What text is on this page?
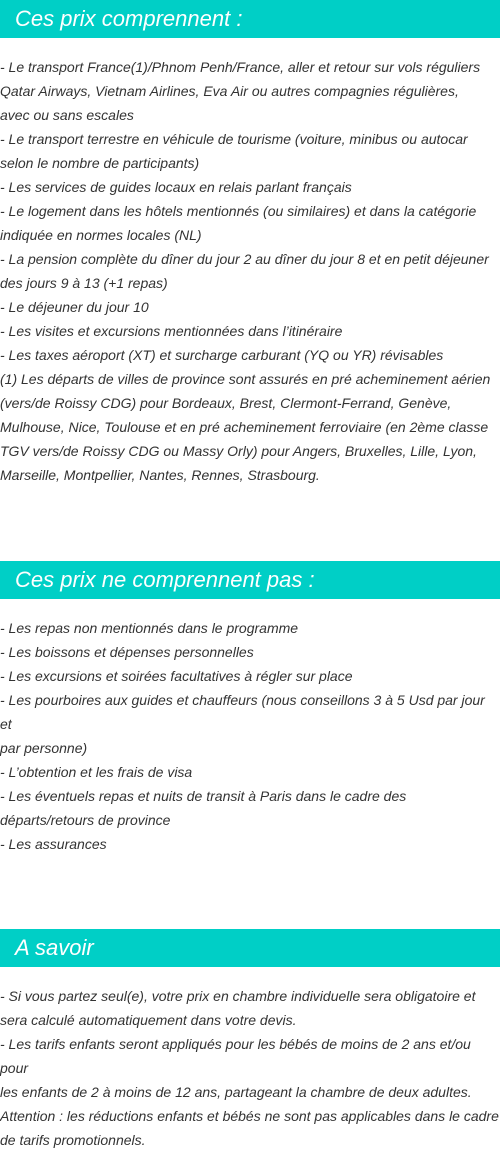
Ces prix comprennent :
- Le transport France(1)/Phnom Penh/France, aller et retour sur vols réguliers
Qatar Airways, Vietnam Airlines, Eva Air ou autres compagnies régulières,
avec ou sans escales
- Le transport terrestre en véhicule de tourisme (voiture, minibus ou autocar
selon le nombre de participants)
- Les services de guides locaux en relais parlant français
- Le logement dans les hôtels mentionnés (ou similaires) et dans la catégorie
indiquée en normes locales (NL)
- La pension complète du dîner du jour 2 au dîner du jour 8 et en petit déjeuner
des jours 9 à 13 (+1 repas)
- Le déjeuner du jour 10
- Les visites et excursions mentionnées dans l’itinéraire
- Les taxes aéroport (XT) et surcharge carburant (YQ ou YR) révisables
(1) Les départs de villes de province sont assurés en pré acheminement aérien
(vers/de Roissy CDG) pour Bordeaux, Brest, Clermont-Ferrand, Genève,
Mulhouse, Nice, Toulouse et en pré acheminement ferroviaire (en 2ème classe
TGV vers/de Roissy CDG ou Massy Orly) pour Angers, Bruxelles, Lille, Lyon,
Marseille, Montpellier, Nantes, Rennes, Strasbourg.
Ces prix ne comprennent pas :
- Les repas non mentionnés dans le programme
- Les boissons et dépenses personnelles
- Les excursions et soirées facultatives à régler sur place
- Les pourboires aux guides et chauffeurs (nous conseillons 3 à 5 Usd par jour et
par personne)
- L’obtention et les frais de visa
- Les éventuels repas et nuits de transit à Paris dans le cadre des
départs/retours de province
- Les assurances
A savoir
- Si vous partez seul(e), votre prix en chambre individuelle sera obligatoire et
sera calculé automatiquement dans votre devis.
- Les tarifs enfants seront appliqués pour les bébés de moins de 2 ans et/ou pour
les enfants de 2 à moins de 12 ans, partageant la chambre de deux adultes.
Attention : les réductions enfants et bébés ne sont pas applicables dans le cadre
de tarifs promotionnels.
